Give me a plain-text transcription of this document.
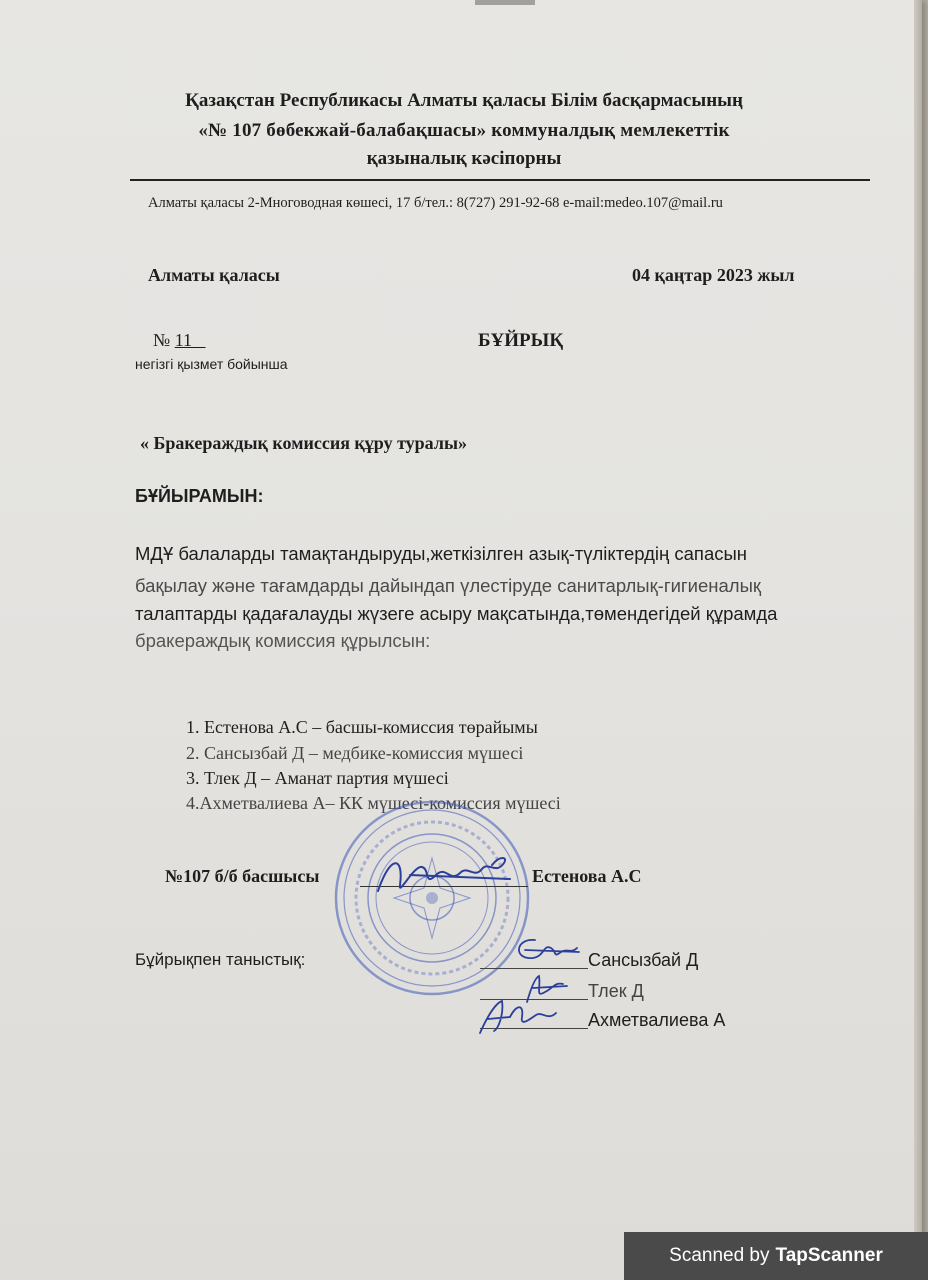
Қазақстан Республикасы Алматы қаласы Білім басқармасының
«№ 107 бөбекжай-балабақшасы» коммуналдық мемлекеттік
қазыналық кәсіпорны
Алматы қаласы 2-Многоводная көшесі, 17 б/тел.: 8(727) 291-92-68 e-mail:medeo.107@mail.ru
Алматы қаласы	04 қаңтар 2023 жыл
№ 11
негізгі қызмет бойынша
БҰЙРЫҚ
« Бракераждық комиссия құру туралы»
БҰЙЫРАМЫН:
МДҰ балаларды тамақтандыруды,жеткізілген азық-түліктердің сапасын
бақылау және тағамдарды дайындап үлестіруде санитарлық-гигиеналық
талаптарды қадағалауды жүзеге асыру мақсатында,төмендегідей құрамда
бракераждық комиссия құрылсын:
1. Естенова А.С – басшы-комиссия төрайымы
2. Сансызбай Д – медбике-комиссия мүшесі
3. Тлек Д – Аманат партия мүшесі
4.Ахметвалиева А– КК мүшесі-комиссия мүшесі
№107 б/б басшысы	Естенова А.С
Бұйрықпен таныстық:	Сансызбай Д
Тлек Д
Ахметвалиева А
Scanned by TapScanner
